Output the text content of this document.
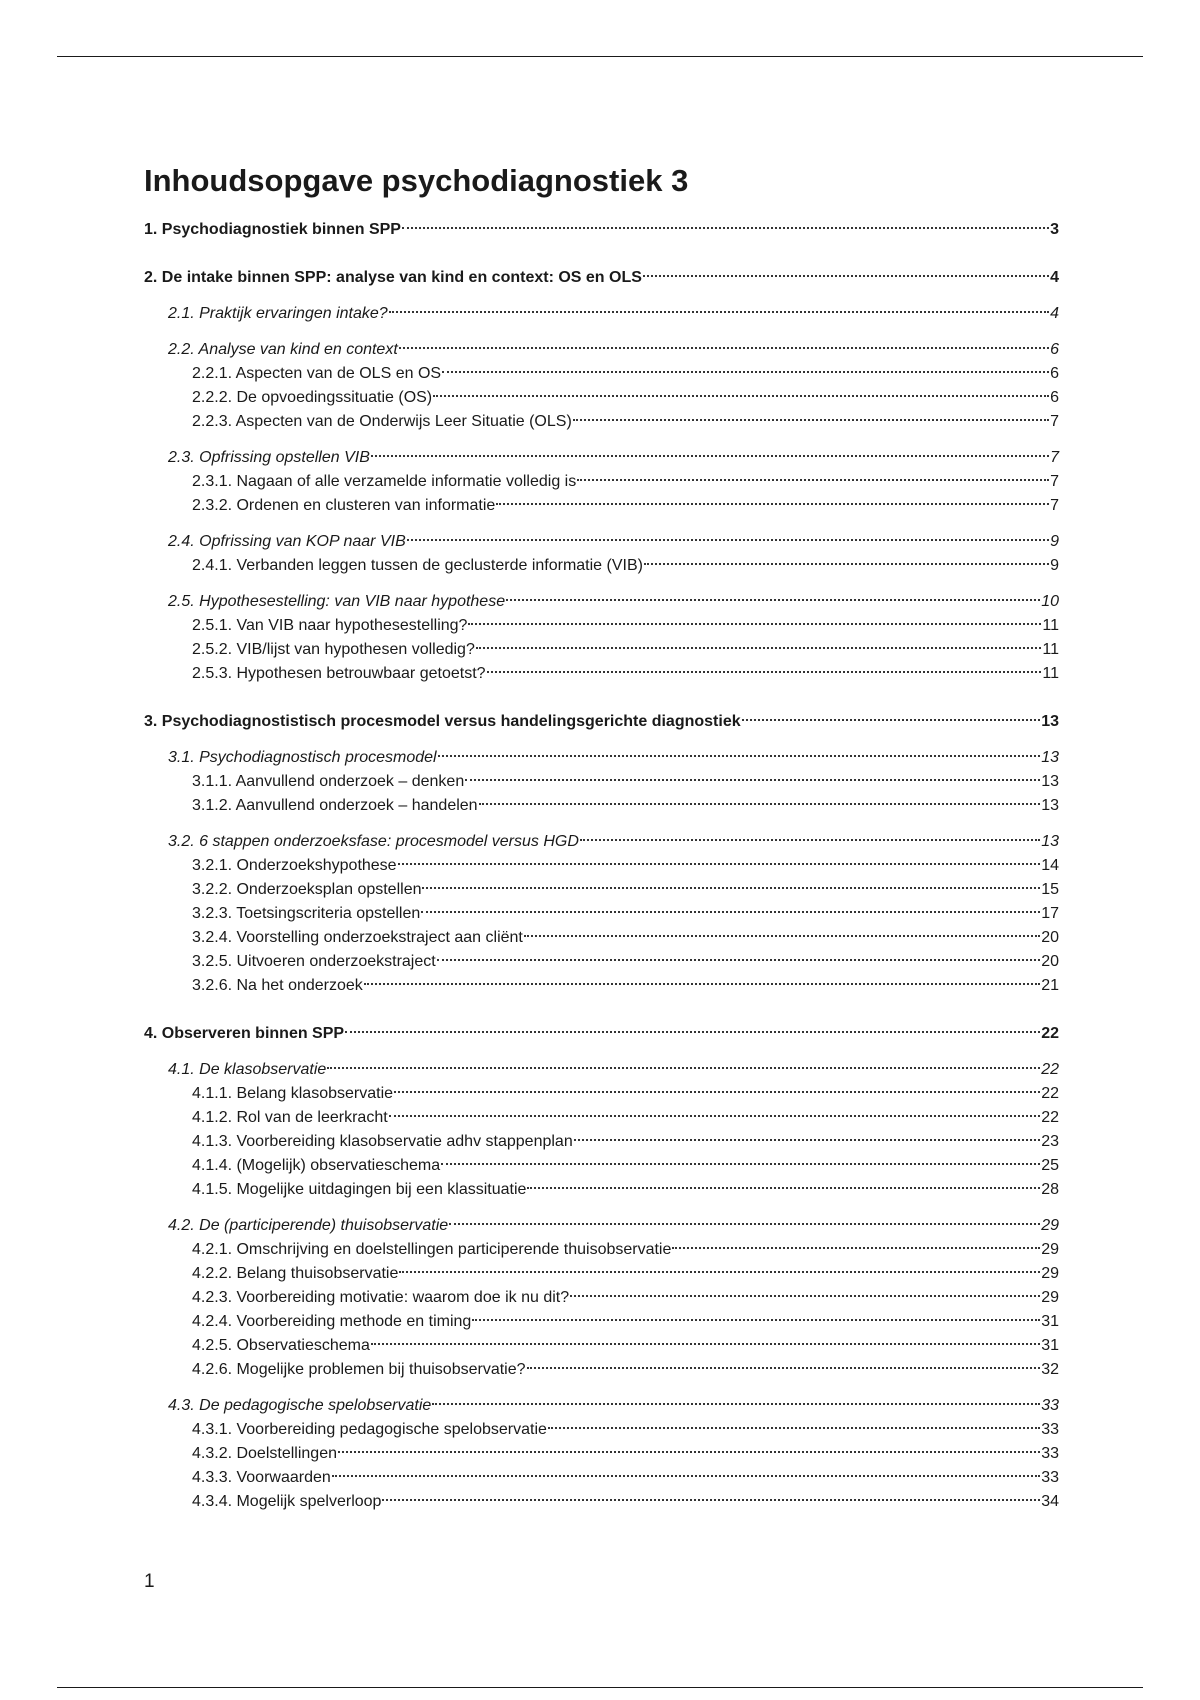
Inhoudsopgave psychodiagnostiek 3
1. Psychodiagnostiek binnen SPP	3
2. De intake binnen SPP: analyse van kind en context: OS en OLS	4
2.1. Praktijk ervaringen intake?	4
2.2. Analyse van kind en context	6
2.2.1. Aspecten van de OLS en OS	6
2.2.2. De opvoedingssituatie (OS)	6
2.2.3. Aspecten van de Onderwijs Leer Situatie (OLS)	7
2.3. Opfrissing opstellen VIB	7
2.3.1. Nagaan of alle verzamelde informatie volledig is	7
2.3.2. Ordenen en clusteren van informatie	7
2.4. Opfrissing van KOP naar VIB	9
2.4.1. Verbanden leggen tussen de geclusterde informatie (VIB)	9
2.5. Hypothesestelling: van VIB naar hypothese	10
2.5.1. Van VIB naar hypothesestelling?	11
2.5.2. VIB/lijst van hypothesen volledig?	11
2.5.3. Hypothesen betrouwbaar getoetst?	11
3. Psychodiagnostistisch procesmodel versus handelingsgerichte diagnostiek	13
3.1. Psychodiagnostisch procesmodel	13
3.1.1. Aanvullend onderzoek – denken	13
3.1.2. Aanvullend onderzoek – handelen	13
3.2. 6 stappen onderzoeksfase: procesmodel versus HGD	13
3.2.1. Onderzoekshypothese	14
3.2.2. Onderzoeksplan opstellen	15
3.2.3. Toetsingscriteria opstellen	17
3.2.4. Voorstelling onderzoekstraject aan cliënt	20
3.2.5. Uitvoeren onderzoekstraject	20
3.2.6. Na het onderzoek	21
4. Observeren binnen SPP	22
4.1. De klasobservatie	22
4.1.1. Belang klasobservatie	22
4.1.2. Rol van de leerkracht	22
4.1.3. Voorbereiding klasobservatie adhv stappenplan	23
4.1.4. (Mogelijk) observatieschema	25
4.1.5. Mogelijke uitdagingen bij een klassituatie	28
4.2. De (participerende) thuisobservatie	29
4.2.1. Omschrijving en doelstellingen participerende thuisobservatie	29
4.2.2. Belang thuisobservatie	29
4.2.3. Voorbereiding motivatie: waarom doe ik nu dit?	29
4.2.4. Voorbereiding methode en timing	31
4.2.5. Observatieschema	31
4.2.6. Mogelijke problemen bij thuisobservatie?	32
4.3. De pedagogische spelobservatie	33
4.3.1. Voorbereiding pedagogische spelobservatie	33
4.3.2. Doelstellingen	33
4.3.3. Voorwaarden	33
4.3.4. Mogelijk spelverloop	34
1
